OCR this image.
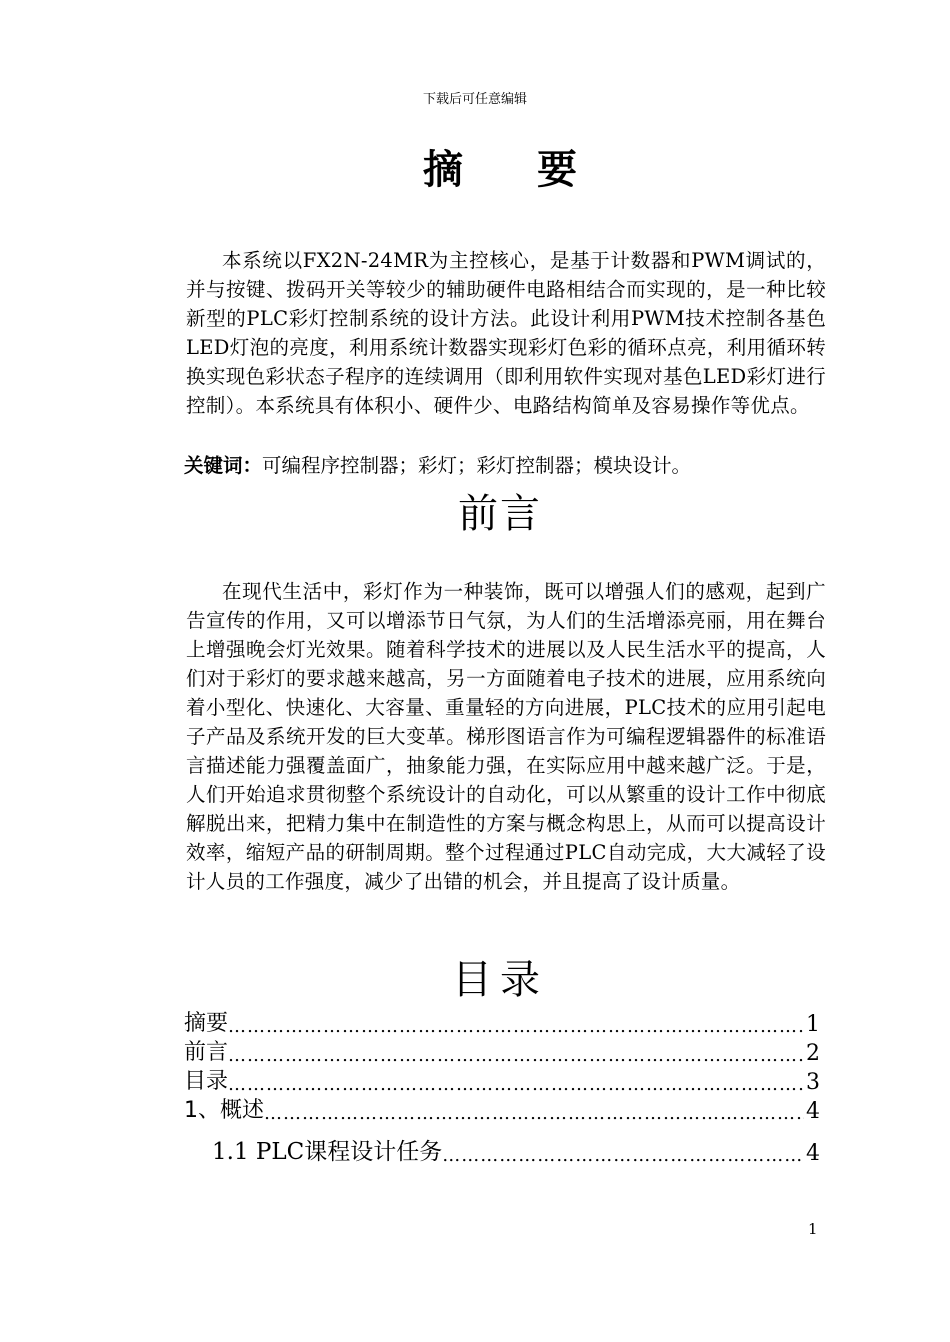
下载后可任意编辑
摘 要
本系统以FX2N-24MR为主控核心，是基于计数器和PWM调试的，并与按键、拨码开关等较少的辅助硬件电路相结合而实现的，是一种比较新型的PLC彩灯控制系统的设计方法。此设计利用PWM技术控制各基色LED灯泡的亮度，利用系统计数器实现彩灯色彩的循环点亮，利用循环转换实现色彩状态子程序的连续调用（即利用软件实现对基色LED彩灯进行控制）。本系统具有体积小、硬件少、电路结构简单及容易操作等优点。
关键词：可编程序控制器；彩灯；彩灯控制器；模块设计。
前言
在现代生活中，彩灯作为一种装饰，既可以增强人们的感观，起到广告宣传的作用，又可以增添节日气氛，为人们的生活增添亮丽，用在舞台上增强晚会灯光效果。随着科学技术的进展以及人民生活水平的提高，人们对于彩灯的要求越来越高，另一方面随着电子技术的进展，应用系统向着小型化、快速化、大容量、重量轻的方向进展，PLC技术的应用引起电子产品及系统开发的巨大变革。梯形图语言作为可编程逻辑器件的标准语言描述能力强覆盖面广，抽象能力强，在实际应用中越来越广泛。于是，人们开始追求贯彻整个系统设计的自动化，可以从繁重的设计工作中彻底解脱出来，把精力集中在制造性的方案与概念构思上，从而可以提高设计效率，缩短产品的研制周期。整个过程通过PLC自动完成，大大减轻了设计人员的工作强度，减少了出错的机会，并且提高了设计质量。
目录
摘要 ……………………………………………………………………………………………………………………………………	1
前言 ……………………………………………………………………………………………………………………………………	2
目录 ……………………………………………………………………………………………………………………………………	3
1、概述 ……………………………………………………………………………………………………………………………………	4
1.1 PLC课程设计任务 ……………………………………………………………………………………………………………………………………	4
1
